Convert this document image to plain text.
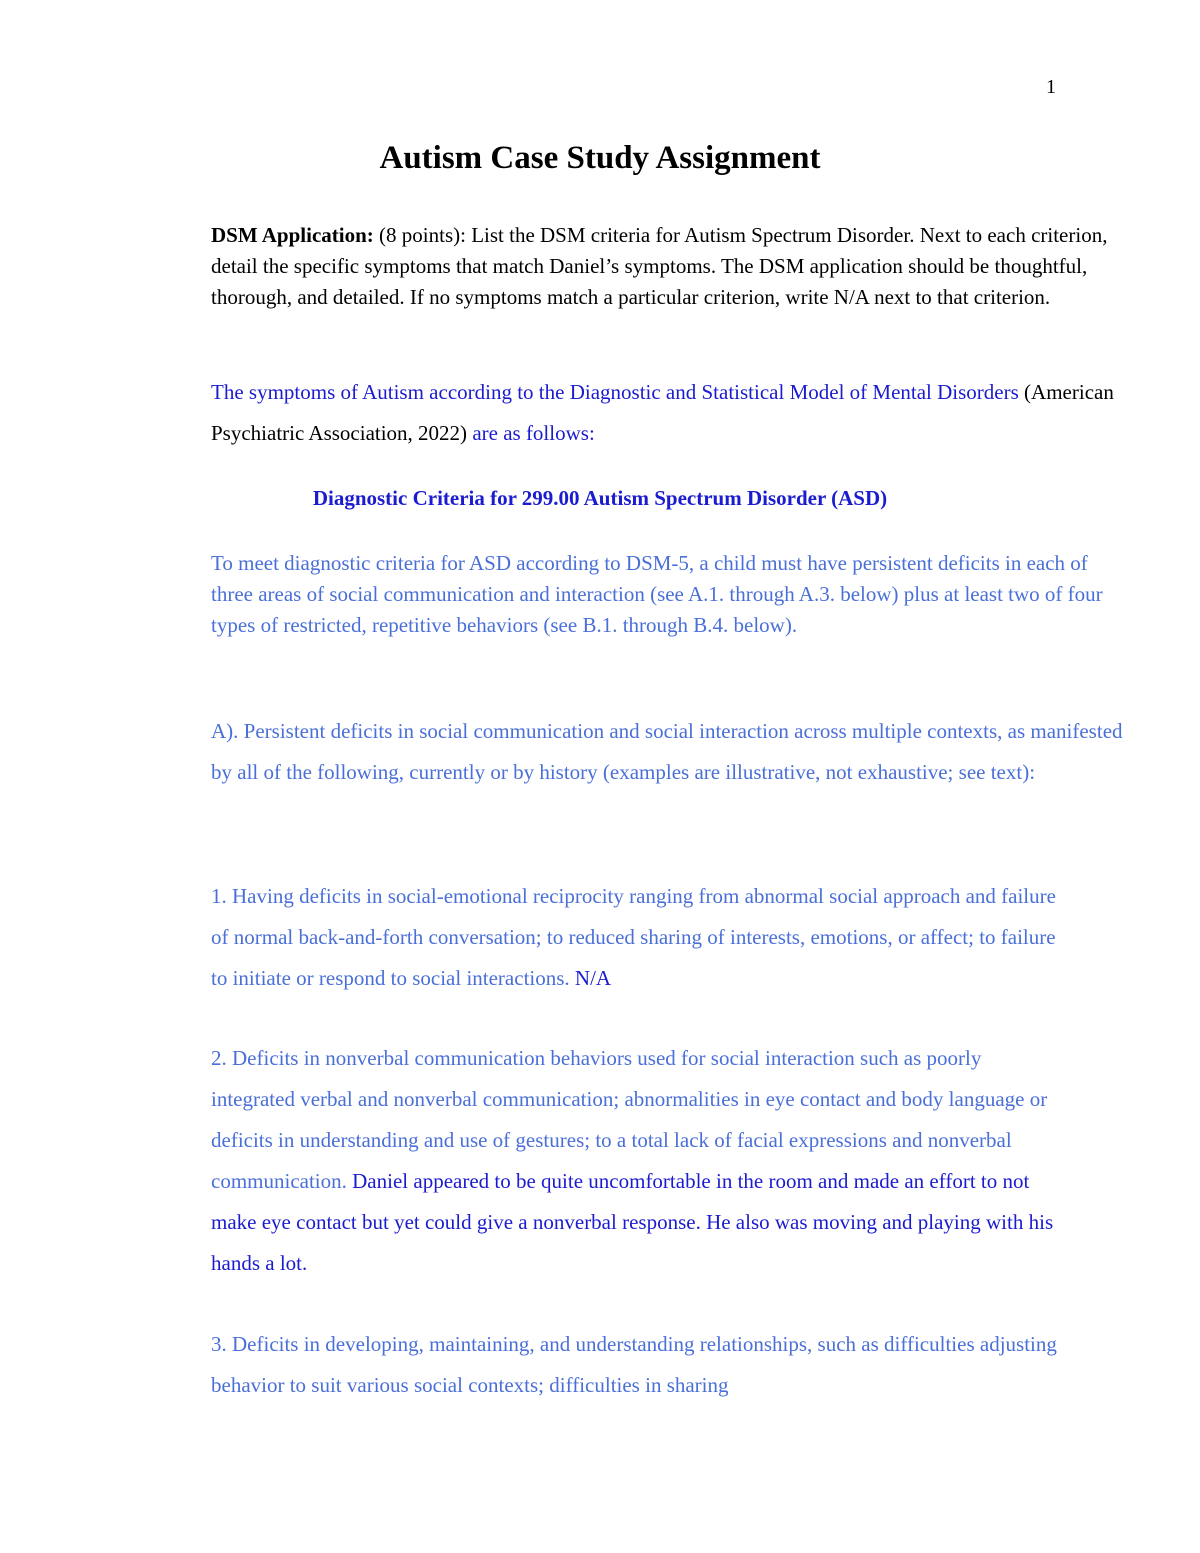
1
Autism Case Study Assignment

DSM Application: (8 points): List the DSM criteria for Autism Spectrum Disorder. Next to each criterion, detail the specific symptoms that match Daniel’s symptoms. The DSM application should be thoughtful, thorough, and detailed. If no symptoms match a particular criterion, write N/A next to that criterion.

The symptoms of Autism according to the Diagnostic and Statistical Model of Mental Disorders (American Psychiatric Association, 2022) are as follows:

Diagnostic Criteria for 299.00 Autism Spectrum Disorder (ASD)

To meet diagnostic criteria for ASD according to DSM-5, a child must have persistent deficits in each of three areas of social communication and interaction (see A.1. through A.3. below) plus at least two of four types of restricted, repetitive behaviors (see B.1. through B.4. below).

A). Persistent deficits in social communication and social interaction across multiple contexts, as manifested by all of the following, currently or by history (examples are illustrative, not exhaustive; see text):

1. Having deficits in social-emotional reciprocity ranging from abnormal social approach and failure of normal back-and-forth conversation; to reduced sharing of interests, emotions, or affect; to failure to initiate or respond to social interactions. N/A

2. Deficits in nonverbal communication behaviors used for social interaction such as poorly integrated verbal and nonverbal communication; abnormalities in eye contact and body language or deficits in understanding and use of gestures; to a total lack of facial expressions and nonverbal communication. Daniel appeared to be quite uncomfortable in the room and made an effort to not make eye contact but yet could give a nonverbal response. He also was moving and playing with his hands a lot.

3. Deficits in developing, maintaining, and understanding relationships, such as difficulties adjusting behavior to suit various social contexts; difficulties in sharing
